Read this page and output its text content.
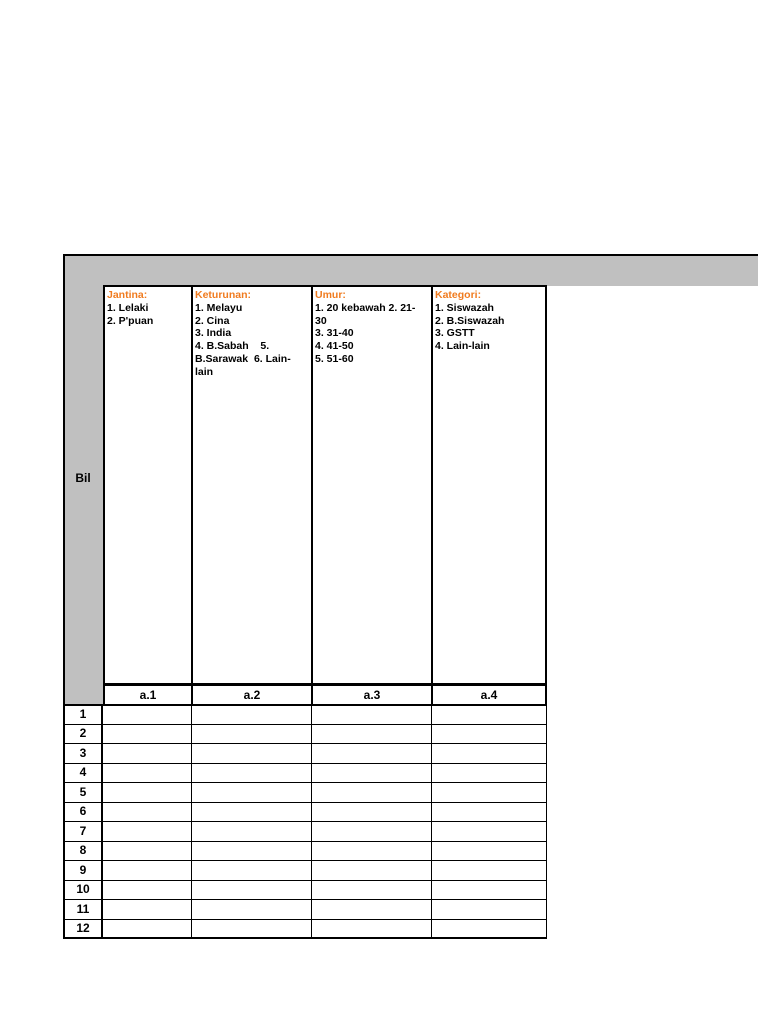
Bil
Jantina:
1. Lelaki
2. P'puan
Keturunan:
1. Melayu
2. Cina
3. India
4. B.Sabah    5.
B.Sarawak  6. Lain-
lain
Umur:
1. 20 kebawah 2. 21-
30
3. 31-40
4. 41-50
5. 51-60
Kategori:
1. Siswazah
2. B.Siswazah
3. GSTT
4. Lain-lain
a.1	a.2	a.3	a.4
1
2
3
4
5
6
7
8
9
10
11
12
